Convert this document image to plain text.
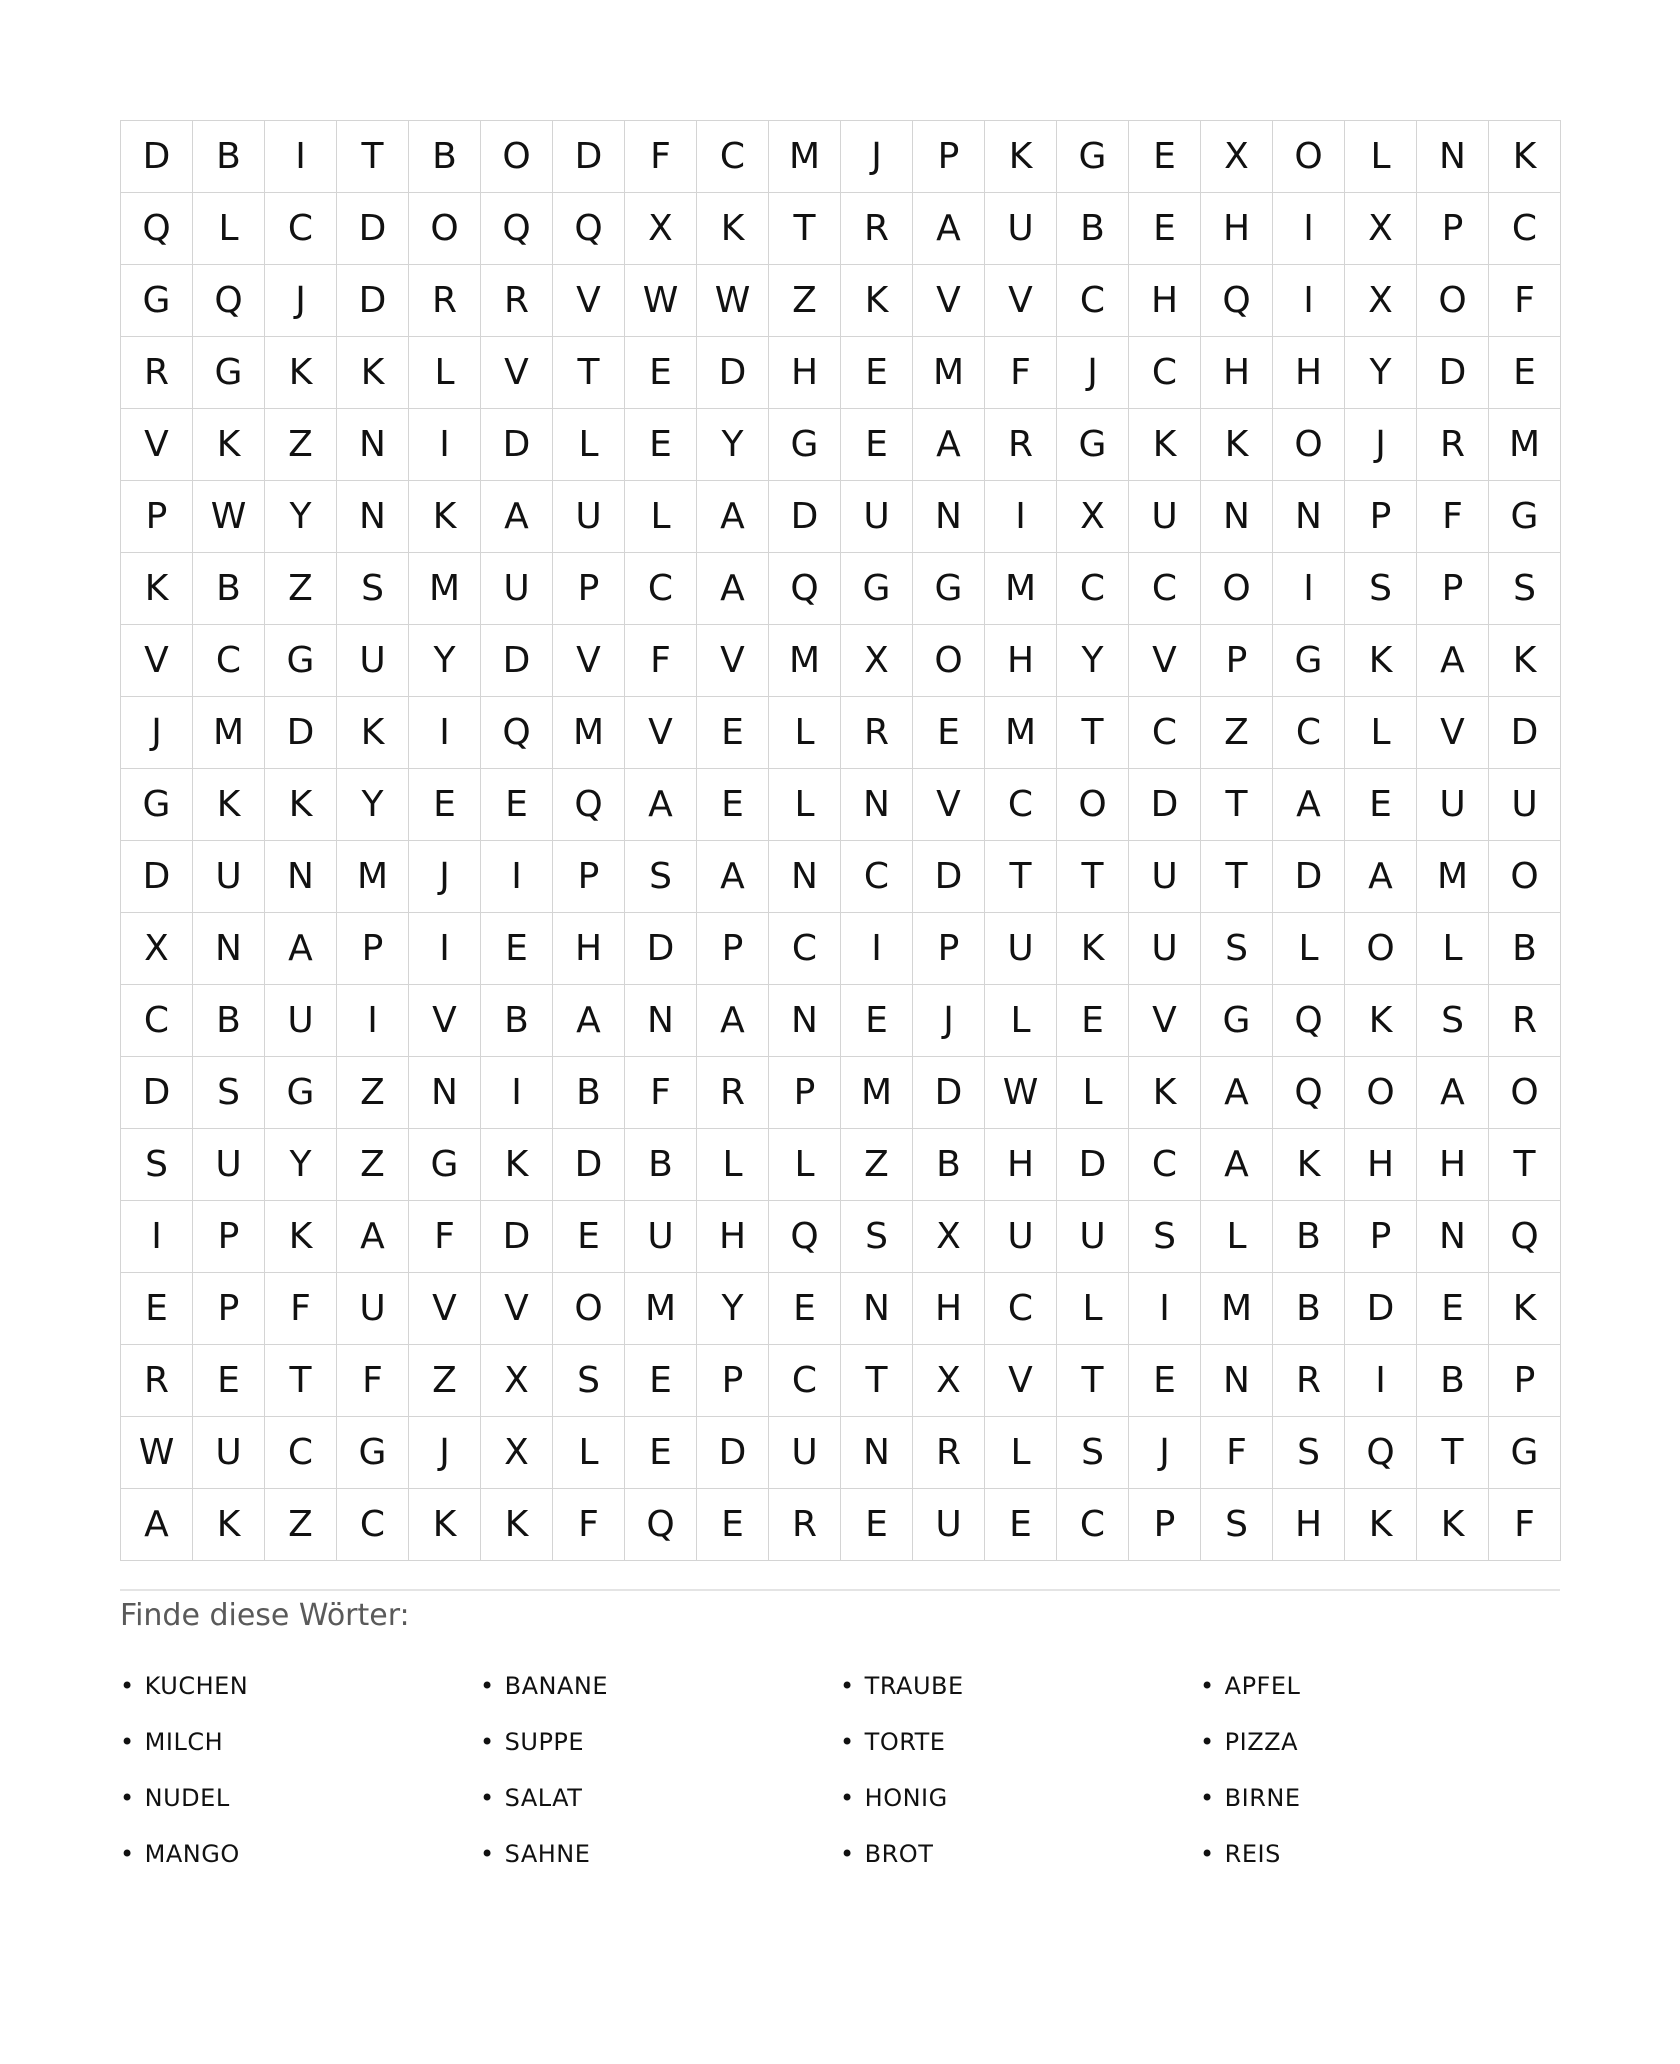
D	B	I	T	B	O	D	F	C	M	J	P	K	G	E	X	O	L	N	K
Q	L	C	D	O	Q	Q	X	K	T	R	A	U	B	E	H	I	X	P	C
G	Q	J	D	R	R	V	W	W	Z	K	V	V	C	H	Q	I	X	O	F
R	G	K	K	L	V	T	E	D	H	E	M	F	J	C	H	H	Y	D	E
V	K	Z	N	I	D	L	E	Y	G	E	A	R	G	K	K	O	J	R	M
P	W	Y	N	K	A	U	L	A	D	U	N	I	X	U	N	N	P	F	G
K	B	Z	S	M	U	P	C	A	Q	G	G	M	C	C	O	I	S	P	S
V	C	G	U	Y	D	V	F	V	M	X	O	H	Y	V	P	G	K	A	K
J	M	D	K	I	Q	M	V	E	L	R	E	M	T	C	Z	C	L	V	D
G	K	K	Y	E	E	Q	A	E	L	N	V	C	O	D	T	A	E	U	U
D	U	N	M	J	I	P	S	A	N	C	D	T	T	U	T	D	A	M	O
X	N	A	P	I	E	H	D	P	C	I	P	U	K	U	S	L	O	L	B
C	B	U	I	V	B	A	N	A	N	E	J	L	E	V	G	Q	K	S	R
D	S	G	Z	N	I	B	F	R	P	M	D	W	L	K	A	Q	O	A	O
S	U	Y	Z	G	K	D	B	L	L	Z	B	H	D	C	A	K	H	H	T
I	P	K	A	F	D	E	U	H	Q	S	X	U	U	S	L	B	P	N	Q
E	P	F	U	V	V	O	M	Y	E	N	H	C	L	I	M	B	D	E	K
R	E	T	F	Z	X	S	E	P	C	T	X	V	T	E	N	R	I	B	P
W	U	C	G	J	X	L	E	D	U	N	R	L	S	J	F	S	Q	T	G
A	K	Z	C	K	K	F	Q	E	R	E	U	E	C	P	S	H	K	K	F
Finde diese Wörter:
• KUCHEN	• BANANE	• TRAUBE	• APFEL
• MILCH	• SUPPE	• TORTE	• PIZZA
• NUDEL	• SALAT	• HONIG	• BIRNE
• MANGO	• SAHNE	• BROT	• REIS
